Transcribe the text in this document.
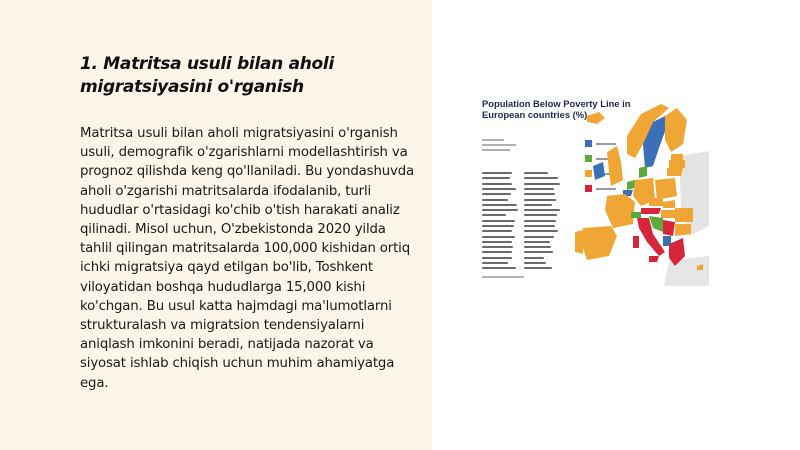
1. Matritsa usuli bilan aholi migratsiyasini o'rganish

Matritsa usuli bilan aholi migratsiyasini o'rganish usuli, demografik o'zgarishlarni modellashtirish va prognoz qilishda keng qo'llaniladi. Bu yondashuvda aholi o'zgarishi matritsalarda ifodalanib, turli hududlar o'rtasidagi ko'chib o'tish harakati analiz qilinadi. Misol uchun, O'zbekistonda 2020 yilda tahlil qilingan matritsalarda 100,000 kishidan ortiq ichki migratsiya qayd etilgan bo'lib, Toshkent viloyatidan boshqa hududlarga 15,000 kishi ko'chgan. Bu usul katta hajmdagi ma'lumotlarni strukturalash va migratsion tendensiyalarni aniqlash imkonini beradi, natijada nazorat va siyosat ishlab chiqish uchun muhim ahamiyatga ega.

Population Below Poverty Line in European countries (%)
